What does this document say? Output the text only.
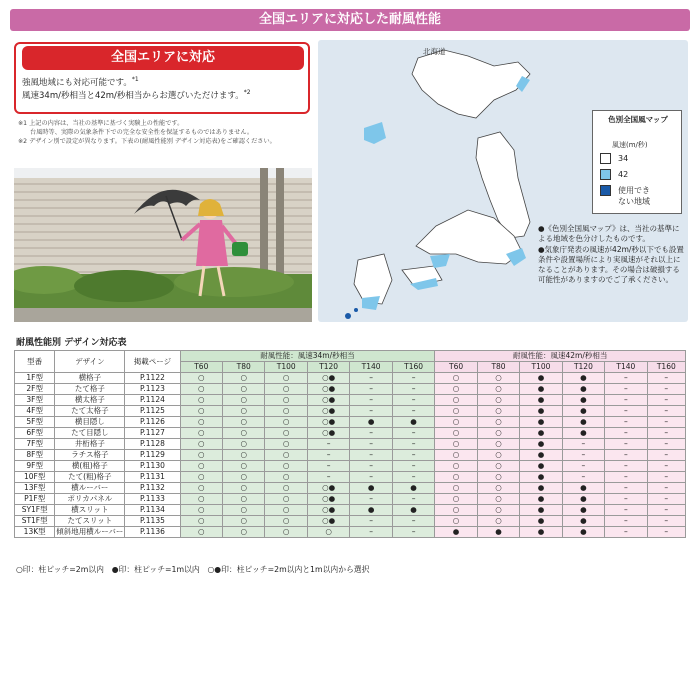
全国エリアに対応した耐風性能
全国エリアに対応
強風地域にも対応可能です。$^{*1}$
風速34m/秒相当と42m/秒相当からお選びいただけます。$^{*2}$
※1 上記の内容は、当社の基準に基づく実験上の性能です。
台風時等、実際の気象条件下での完全な安全性を保証するものではありません。
※2 デザイン別で設定が異なります。下表の(耐風性能別 デザイン対応表)をご確認ください。
北海道
色別全国風マップ
風速(m/秒)
34
42
使用でき
ない地域
●《色別全国風マップ》は、当社の基準による地域を色分けしたものです。
●気象庁発表の風速が42m/秒以下でも設置条件や設置場所により実風速がそれ以上になることがあります。その場合は破損する可能性がありますのでご了承ください。
耐風性能別 デザイン対応表
型番	デザイン	掲載ページ	耐風性能：風速34m/秒相当						耐風性能：風速42m/秒相当					
			T60	T80	T100	T120	T140	T160	T60	T80	T100	T120	T140	T160
1F型	横格子	P.1122	○	○	○	○●	–	–	○	○	●	●	–	–
2F型	たて格子	P.1123	○	○	○	○●	–	–	○	○	●	●	–	–
3F型	横太格子	P.1124	○	○	○	○●	–	–	○	○	●	●	–	–
4F型	たて太格子	P.1125	○	○	○	○●	–	–	○	○	●	●	–	–
5F型	横目隠し	P.1126	○	○	○	○●	●	●	○	○	●	●	–	–
6F型	たて目隠し	P.1127	○	○	○	○●	–	–	○	○	●	●	–	–
7F型	井桁格子	P.1128	○	○	○	–	–	–	○	○	●	–	–	–
8F型	ラチス格子	P.1129	○	○	○	–	–	–	○	○	●	–	–	–
9F型	横(粗)格子	P.1130	○	○	○	–	–	–	○	○	●	–	–	–
10F型	たて(粗)格子	P.1131	○	○	○	–	–	–	○	○	●	–	–	–
13F型	横ルーバー	P.1132	○	○	○	○●	●	●	○	○	●	●	–	–
P1F型	ポリカパネル	P.1133	○	○	○	○●	–	–	○	○	●	●	–	–
SY1F型	横スリット	P.1134	○	○	○	○●	●	●	○	○	●	●	–	–
ST1F型	たてスリット	P.1135	○	○	○	○●	–	–	○	○	●	●	–	–
13K型	傾斜地用横ルーバー	P.1136	○	○	○	○	–	–	●	●	●	●	–	–
○印：柱ピッチ=2m以内　●印：柱ピッチ=1m以内　○●印：柱ピッチ=2m以内と1m以内から選択
